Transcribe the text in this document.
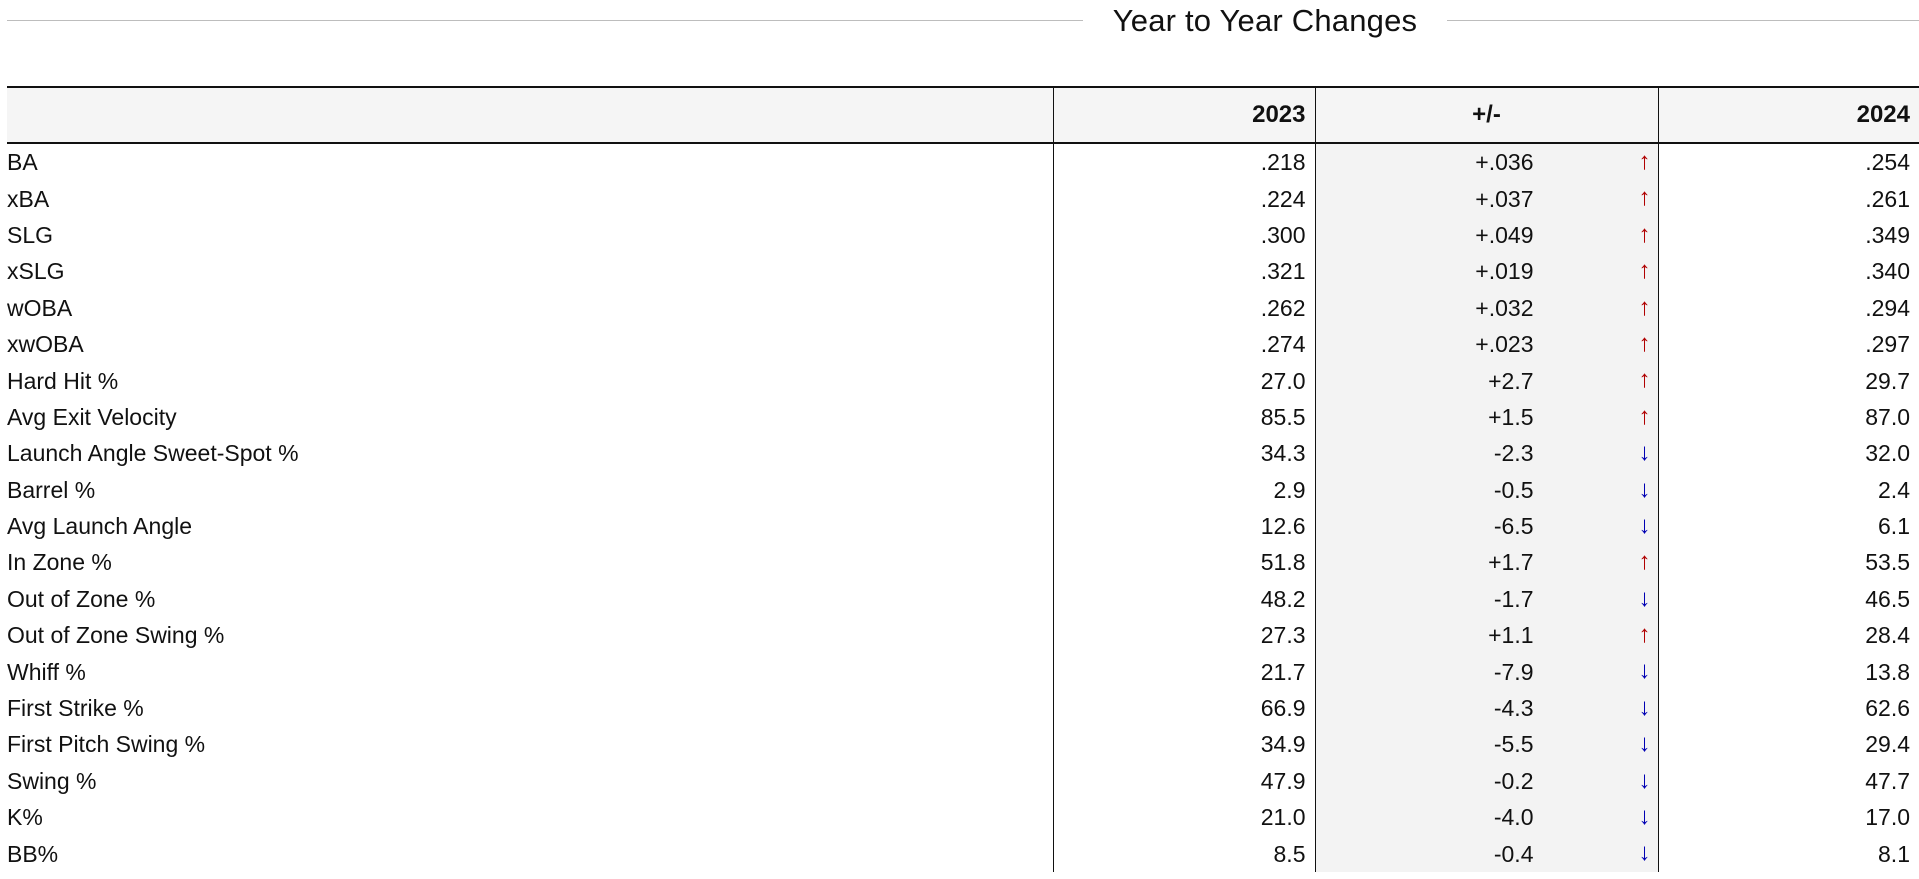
Year to Year Changes
	2023	+/-	2024
BA	.218	+.036 ↑	.254
xBA	.224	+.037 ↑	.261
SLG	.300	+.049 ↑	.349
xSLG	.321	+.019 ↑	.340
wOBA	.262	+.032 ↑	.294
xwOBA	.274	+.023 ↑	.297
Hard Hit %	27.0	+2.7 ↑	29.7
Avg Exit Velocity	85.5	+1.5 ↑	87.0
Launch Angle Sweet-Spot %	34.3	-2.3 ↓	32.0
Barrel %	2.9	-0.5 ↓	2.4
Avg Launch Angle	12.6	-6.5 ↓	6.1
In Zone %	51.8	+1.7 ↑	53.5
Out of Zone %	48.2	-1.7 ↓	46.5
Out of Zone Swing %	27.3	+1.1 ↑	28.4
Whiff %	21.7	-7.9 ↓	13.8
First Strike %	66.9	-4.3 ↓	62.6
First Pitch Swing %	34.9	-5.5 ↓	29.4
Swing %	47.9	-0.2 ↓	47.7
K%	21.0	-4.0 ↓	17.0
BB%	8.5	-0.4 ↓	8.1
